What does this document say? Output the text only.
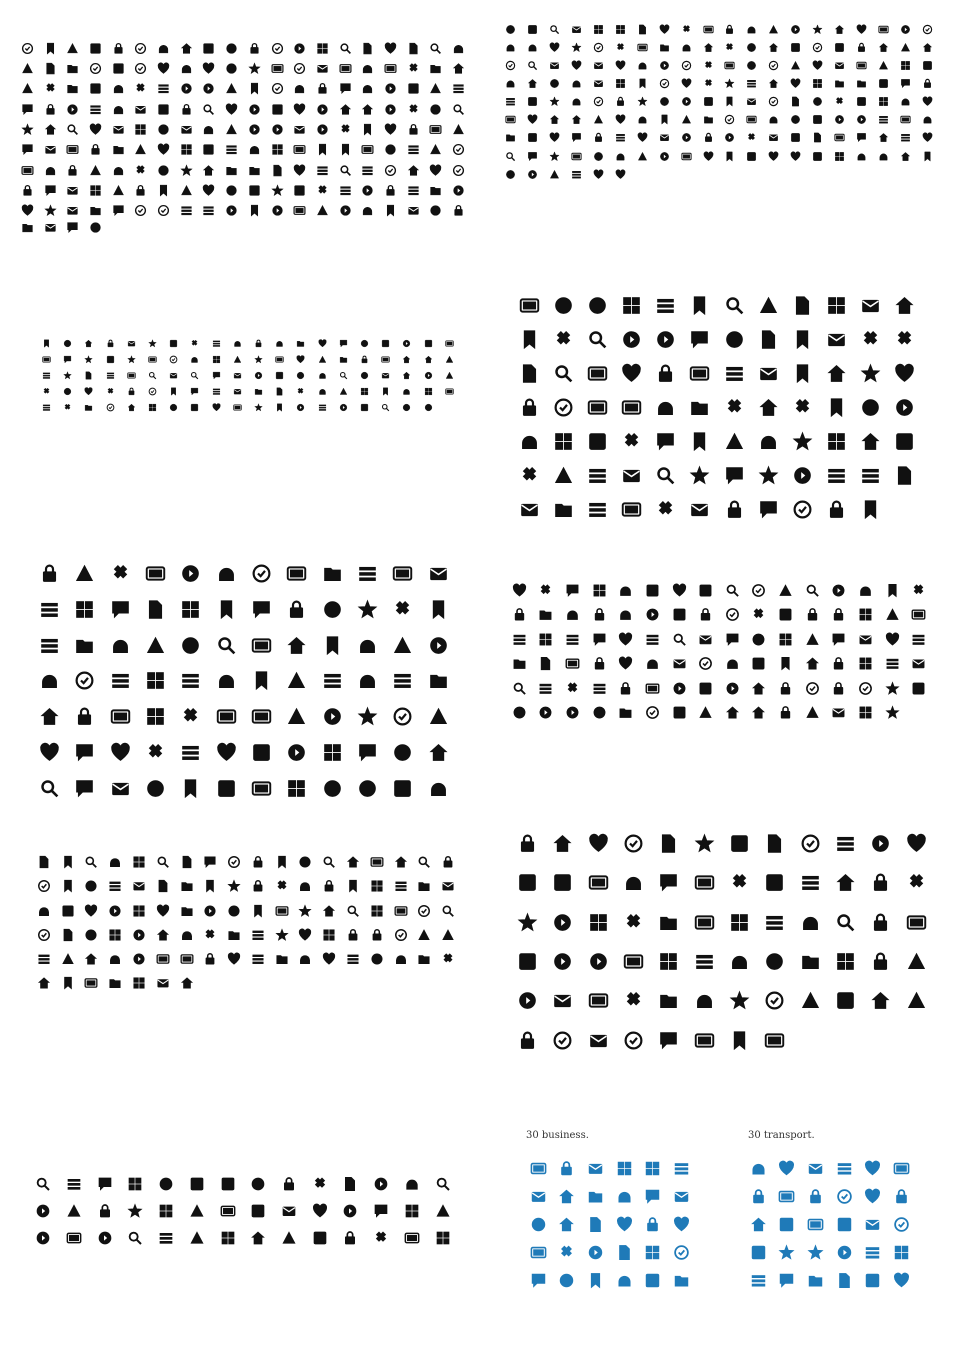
30 business.	30 transport.
